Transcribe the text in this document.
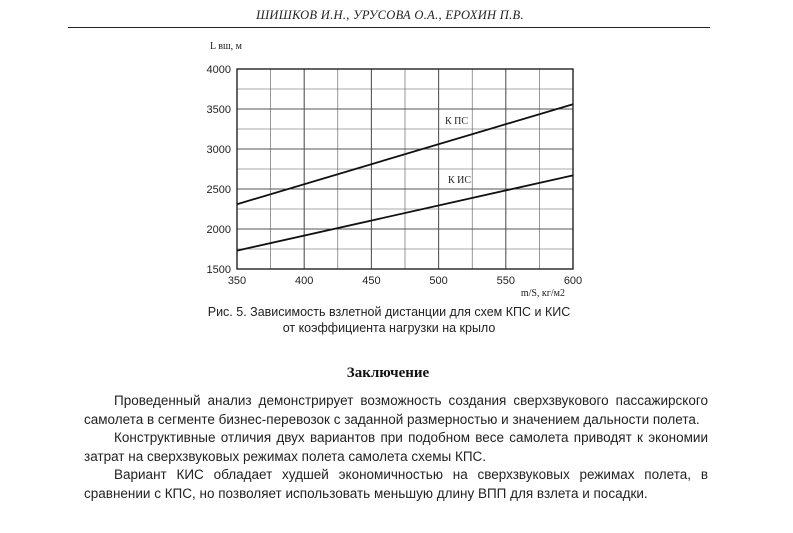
ШИШКОВ И.Н., УРУСОВА О.А., ЕРОХИН П.В.
350	400	450	500	550	600
1500
2000
2500
3000
3500
4000
L вш, м
m/S, кг/м2
К ПС
К ИС
Рис. 5. Зависимость взлетной дистанции для схем КПС и КИС
от коэффициента нагрузки на крыло
Заключение

Проведенный анализ демонстрирует возможность создания сверхзвукового пассажирского самолета в сегменте бизнес-перевозок с заданной размерностью и значением дальности полета.

Конструктивные отличия двух вариантов при подобном весе самолета приводят к экономии затрат на сверхзвуковых режимах полета самолета схемы КПС.

Вариант КИС обладает худшей экономичностью на сверхзвуковых режимах полета, в сравнении с КПС, но позволяет использовать меньшую длину ВПП для взлета и посадки.
